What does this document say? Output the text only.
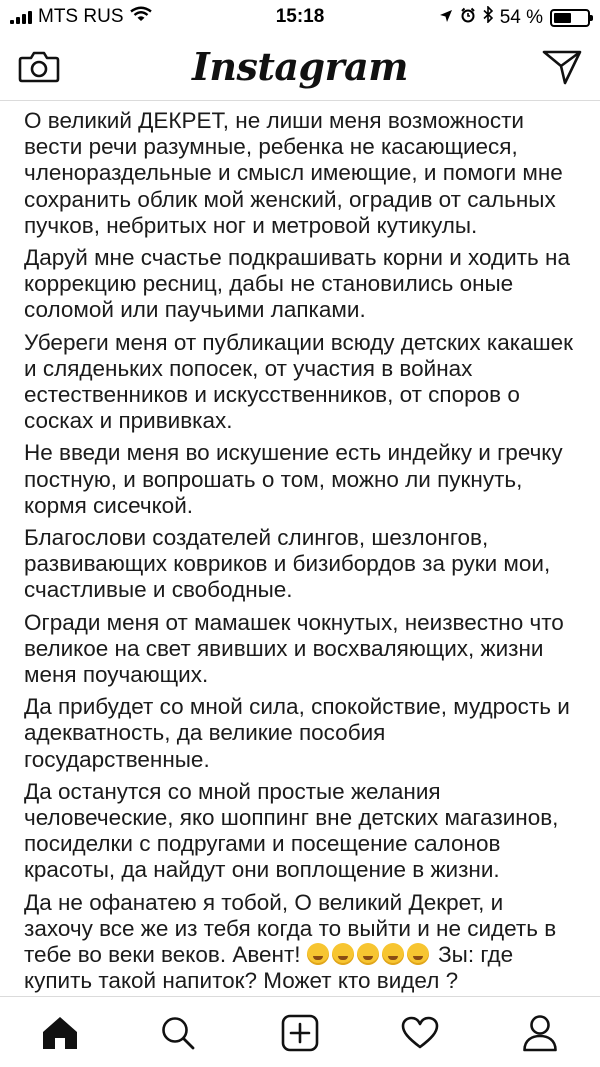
MTS RUS	15:18	54 %
Instagram

О великий ДЕКРЕТ, не лиши меня возможности вести речи разумные, ребенка не касающиеся, членораздельные и смысл имеющие, и помоги мне сохранить облик мой женский, оградив от сальных пучков, небритых ног и метровой кутикулы.

Даруй мне счастье подкрашивать корни и ходить на коррекцию ресниц, дабы не становились оные соломой или паучьими лапками.

Убереги меня от публикации всюду детских какашек и сляденьких попосек, от участия в войнах естественников и искусственников, от споров о сосках и прививках.

Не введи меня во искушение есть индейку и гречку постную, и вопрошать о том, можно ли пукнуть, кормя сисечкой.

Благослови создателей слингов, шезлонгов, развивающих ковриков и бизибордов за руки мои, счастливые и свободные.

Огради меня от мамашек чокнутых, неизвестно что великое на свет явивших и восхваляющих, жизни меня поучающих.

Да прибудет со мной сила, спокойствие, мудрость и адекватность, да великие пособия государственные.

Да останутся со мной простые желания человеческие, яко шоппинг вне детских магазинов, посиделки с подругами и посещение салонов красоты, да найдут они воплощение в жизни.

Да не офанатею я тобой, О великий Декрет, и захочу все же из тебя когда то выйти и не сидеть в тебе во веки веков. Авент!	Зы: где купить такой напиток? Может кто видел ?
